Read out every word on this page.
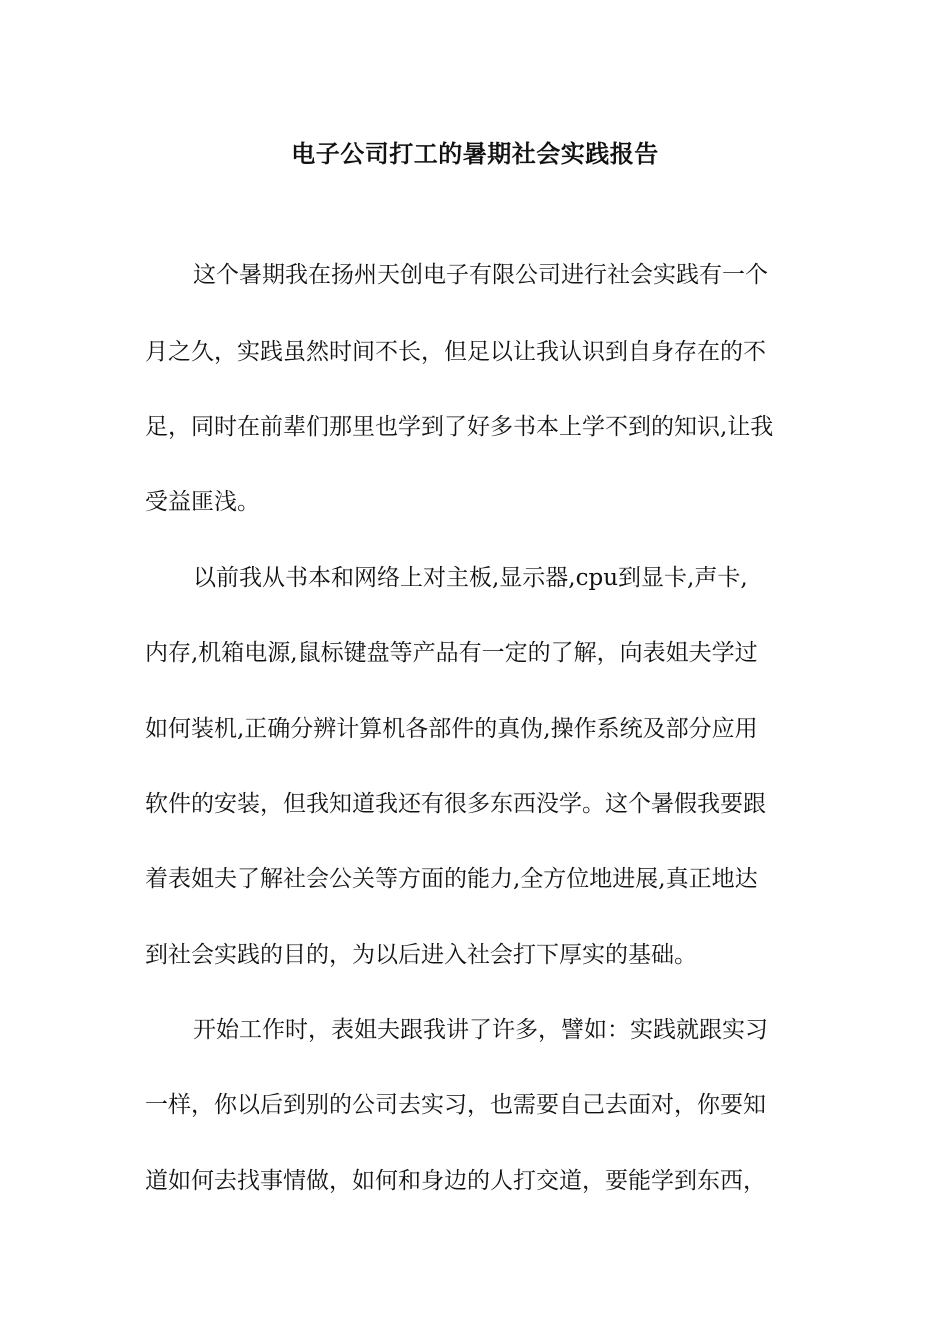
电子公司打工的暑期社会实践报告
这个暑期我在扬州天创电子有限公司进行社会实践有一个
月之久，实践虽然时间不长，但足以让我认识到自身存在的不
足，同时在前辈们那里也学到了好多书本上学不到的知识,让我
受益匪浅。
以前我从书本和网络上对主板,显示器,cpu到显卡,声卡,
内存,机箱电源,鼠标键盘等产品有一定的了解，向表姐夫学过
如何装机,正确分辨计算机各部件的真伪,操作系统及部分应用
软件的安装，但我知道我还有很多东西没学。这个暑假我要跟
着表姐夫了解社会公关等方面的能力,全方位地进展,真正地达
到社会实践的目的，为以后进入社会打下厚实的基础。
开始工作时，表姐夫跟我讲了许多，譬如：实践就跟实习
一样，你以后到别的公司去实习，也需要自己去面对，你要知
道如何去找事情做，如何和身边的人打交道，要能学到东西，
